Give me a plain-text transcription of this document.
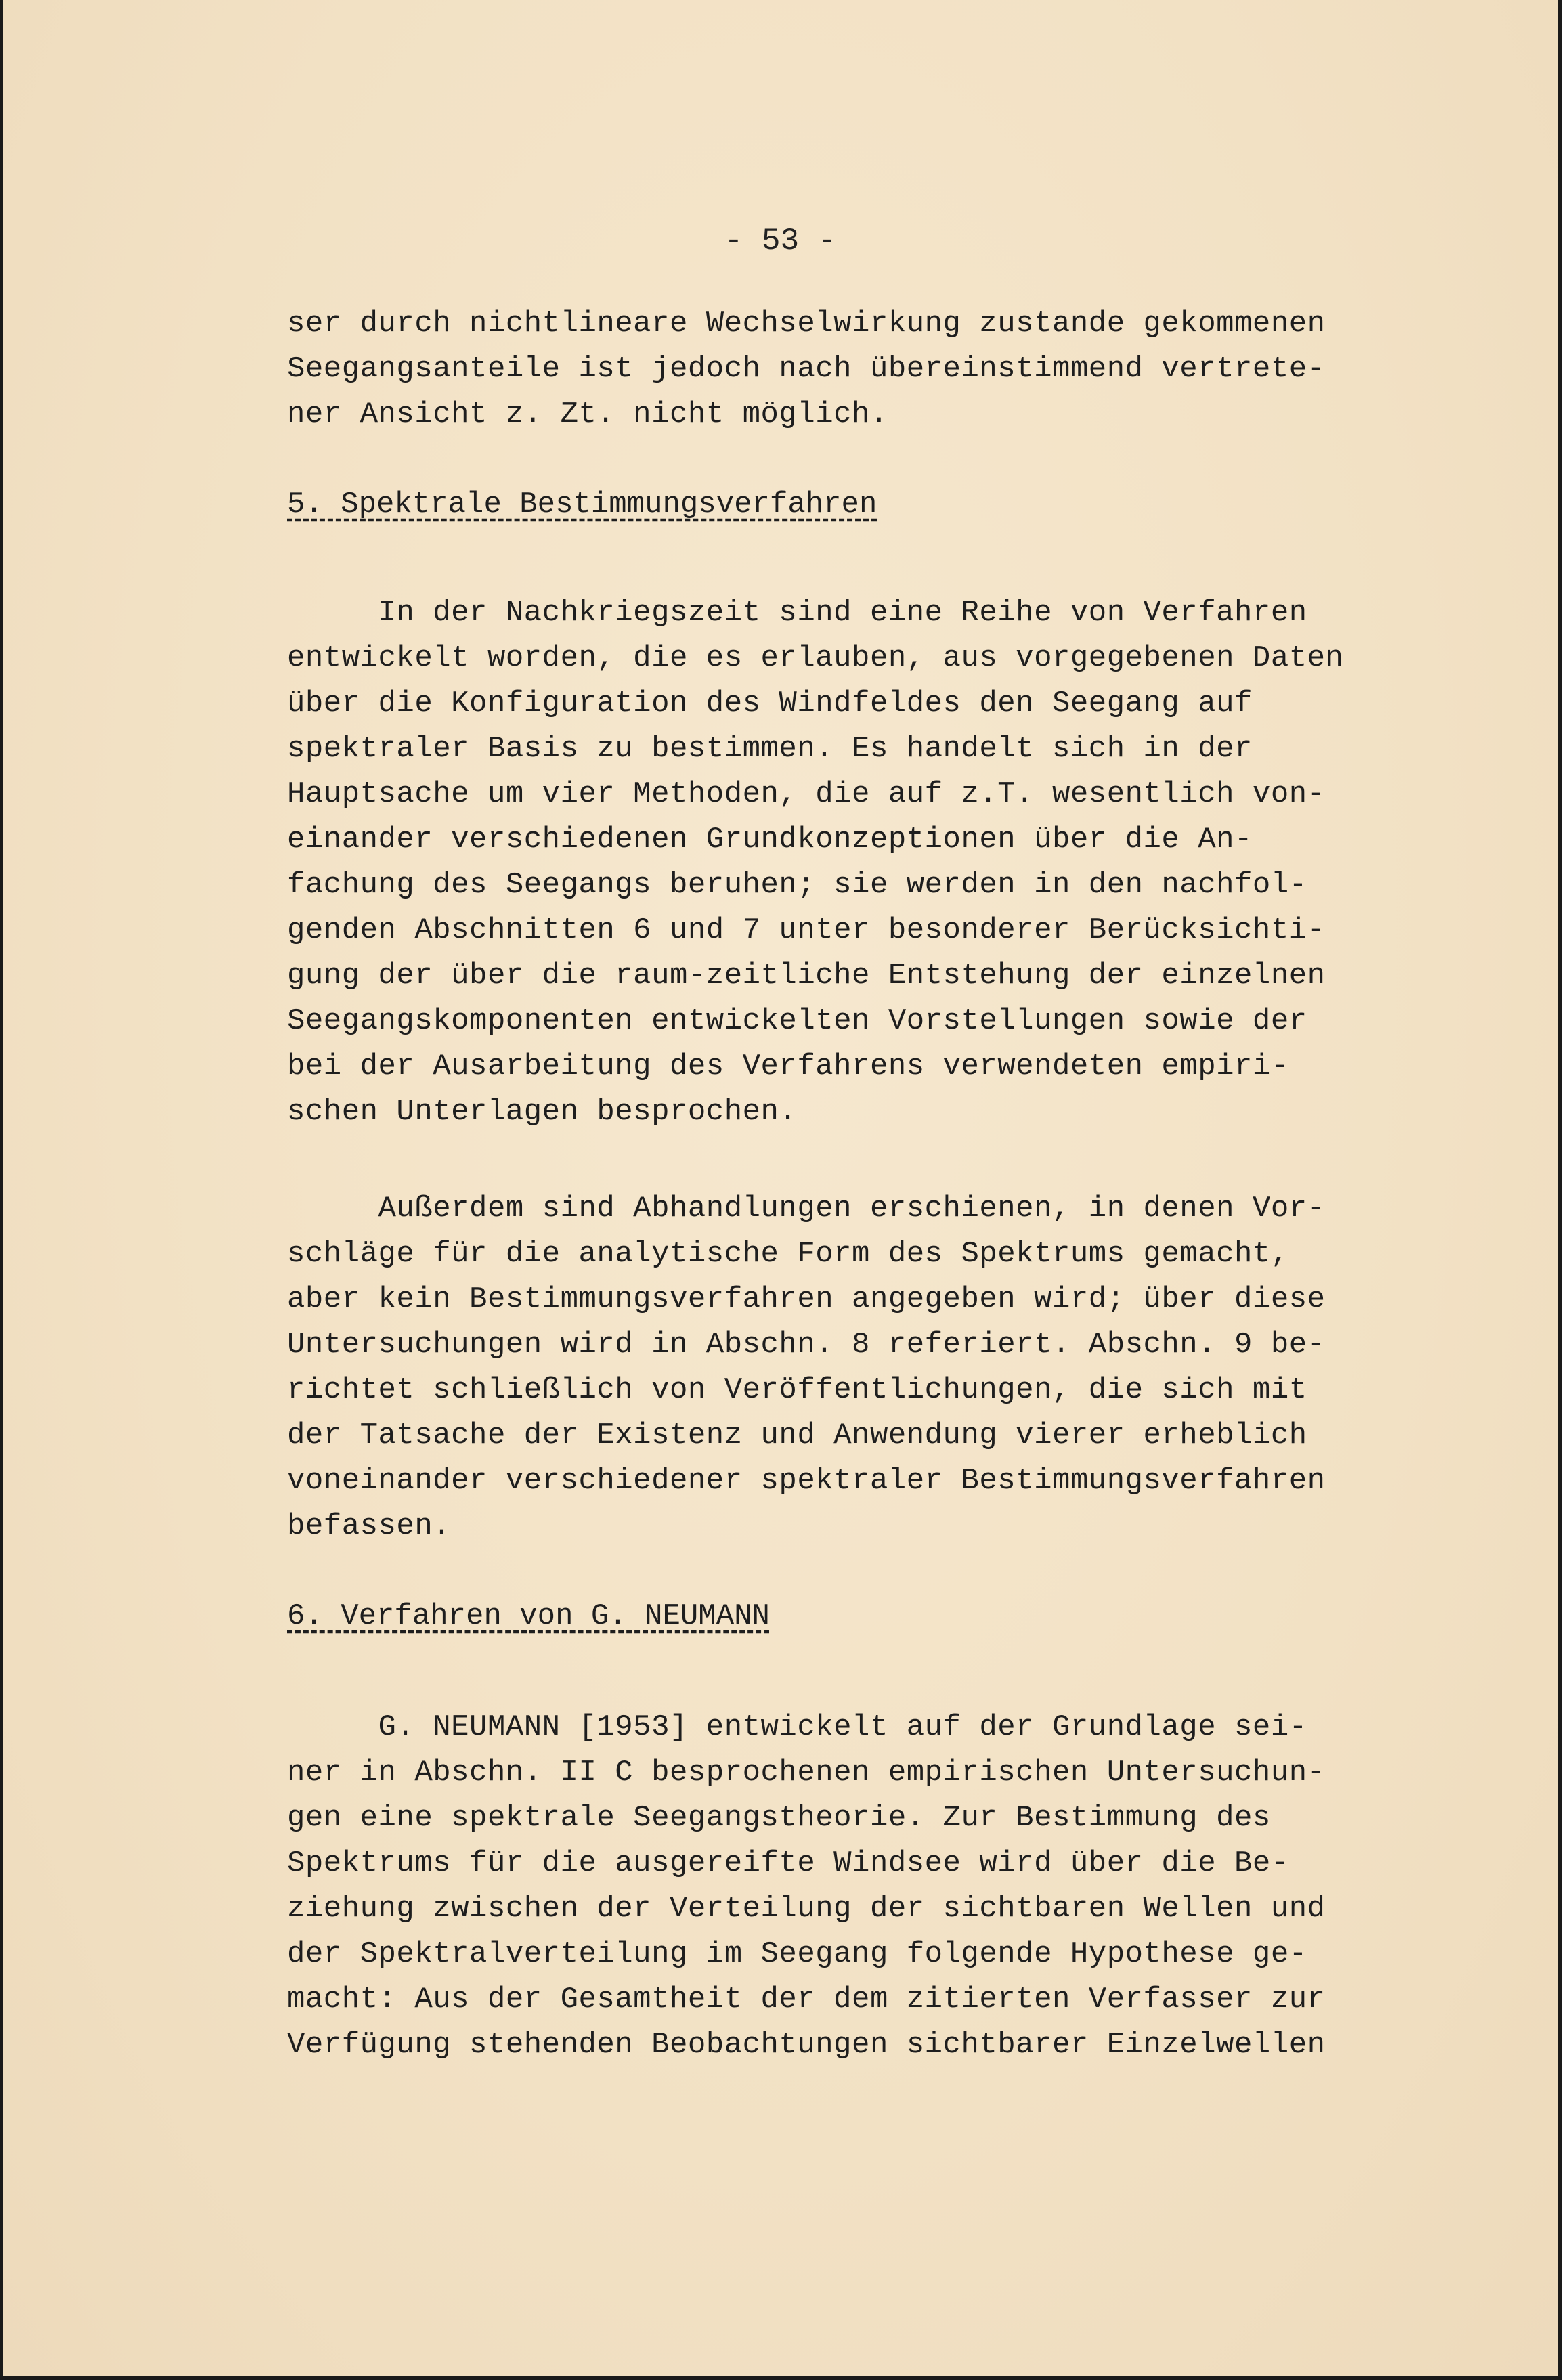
- 53 -
ser durch nichtlineare Wechselwirkung zustande gekommenen
Seegangsanteile ist jedoch nach übereinstimmend vertrete-
ner Ansicht z. Zt. nicht möglich.
5. Spektrale Bestimmungsverfahren
In der Nachkriegszeit sind eine Reihe von Verfahren
entwickelt worden, die es erlauben, aus vorgegebenen Daten
über die Konfiguration des Windfeldes den Seegang auf
spektraler Basis zu bestimmen. Es handelt sich in der
Hauptsache um vier Methoden, die auf z.T. wesentlich von-
einander verschiedenen Grundkonzeptionen über die An-
fachung des Seegangs beruhen; sie werden in den nachfol-
genden Abschnitten 6 und 7 unter besonderer Berücksichti-
gung der über die raum-zeitliche Entstehung der einzelnen
Seegangskomponenten entwickelten Vorstellungen sowie der
bei der Ausarbeitung des Verfahrens verwendeten empiri-
schen Unterlagen besprochen.
Außerdem sind Abhandlungen erschienen, in denen Vor-
schläge für die analytische Form des Spektrums gemacht,
aber kein Bestimmungsverfahren angegeben wird; über diese
Untersuchungen wird in Abschn. 8 referiert. Abschn. 9 be-
richtet schließlich von Veröffentlichungen, die sich mit
der Tatsache der Existenz und Anwendung vierer erheblich
voneinander verschiedener spektraler Bestimmungsverfahren
befassen.
6. Verfahren von G. NEUMANN
G. NEUMANN [1953] entwickelt auf der Grundlage sei-
ner in Abschn. II C besprochenen empirischen Untersuchun-
gen eine spektrale Seegangstheorie. Zur Bestimmung des
Spektrums für die ausgereifte Windsee wird über die Be-
ziehung zwischen der Verteilung der sichtbaren Wellen und
der Spektralverteilung im Seegang folgende Hypothese ge-
macht: Aus der Gesamtheit der dem zitierten Verfasser zur
Verfügung stehenden Beobachtungen sichtbarer Einzelwellen
